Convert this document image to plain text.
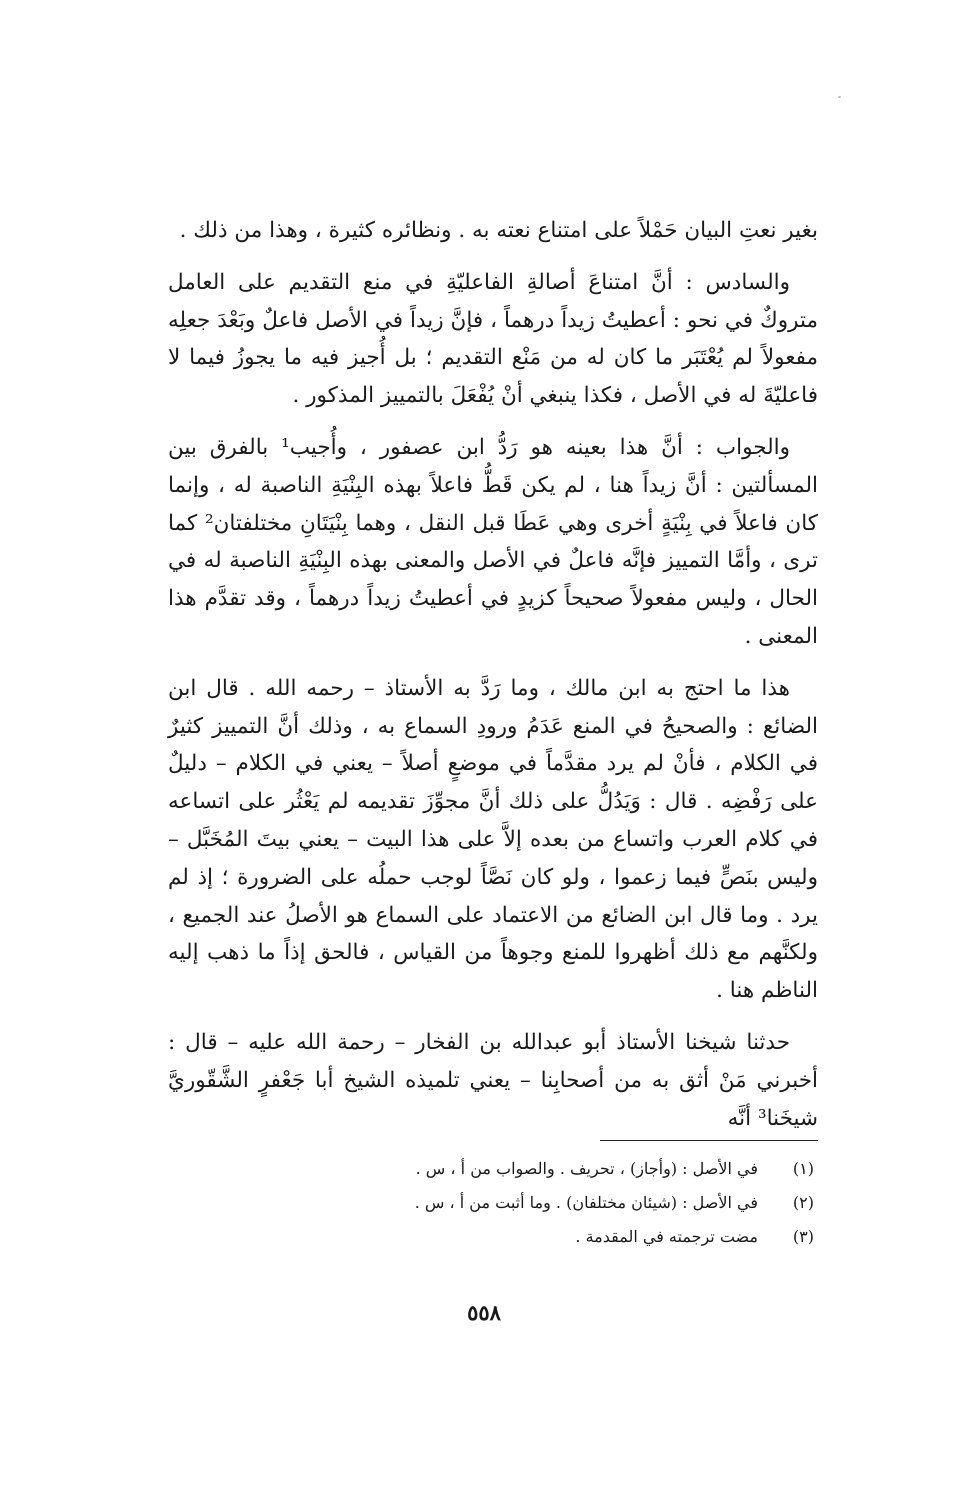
بغير نعتِ البيان حَمْلاً على امتناع نعته به . ونظائره كثيرة ، وهذا من ذلك .

والسادس : أنَّ امتناعَ أصالةِ الفاعليّةِ في منع التقديم على العامل متروكٌ في نحو : أعطيتُ زيداً درهماً ، فإنَّ زيداً في الأصل فاعلٌ وبَعْدَ جعلِه مفعولاً لم يُعْتَبَر ما كان له من مَنْع التقديم ؛ بل أُجيز فيه ما يجوزُ فيما لا فاعليّةَ له في الأصل ، فكذا ينبغي أنْ يُفْعَلَ بالتمييز المذكور .

والجواب : أنَّ هذا بعينه هو رَدُّ ابن عصفور ، وأُجيب¹ بالفرق بين المسألتين : أنَّ زيداً هنا ، لم يكن قَطُّ فاعلاً بهذه البِنْيَةِ الناصبة له ، وإنما كان فاعلاً في بِنْيَةٍ أخرى وهي عَطَا قبل النقل ، وهما بِنْيَتَانِ مختلفتان² كما ترى ، وأمَّا التمييز فإنَّه فاعلٌ في الأصل والمعنى بهذه البِنْيَةِ الناصبة له في الحال ، وليس مفعولاً صحيحاً كزيدٍ في أعطيتُ زيداً درهماً ، وقد تقدَّم هذا المعنى .

هذا ما احتج به ابن مالك ، وما رَدَّ به الأستاذ – رحمه الله . قال ابن الضائع : والصحيحُ في المنع عَدَمُ ورودِ السماع به ، وذلك أنَّ التمييز كثيرٌ في الكلام ، فأنْ لم يرد مقدَّماً في موضعٍ أصلاً – يعني في الكلام – دليلٌ على رَفْضِه . قال : وَيَدُلُّ على ذلك أنَّ مجوِّزَ تقديمه لم يَعْثُر على اتساعه في كلام العرب واتساع من بعده إلاَّ على هذا البيت – يعني بيتَ المُخَبَّل – وليس بنَصٍّ فيما زعموا ، ولو كان نَصَّاً لوجب حملُه على الضرورة ؛ إذ لم يرد . وما قال ابن الضائع من الاعتماد على السماع هو الأصلُ عند الجميع ، ولكنَّهم مع ذلك أظهروا للمنع وجوهاً من القياس ، فالحق إذاً ما ذهب إليه الناظم هنا .

حدثنا شيخنا الأستاذ أبو عبدالله بن الفخار – رحمة الله عليه – قال : أخبرني مَنْ أثق به من أصحابِنا – يعني تلميذه الشيخ أبا جَعْفرٍ الشَّقّوريَّ شيخَنا³ أنَّه

(١)
في الأصل : (وأجاز) ، تحريف . والصواب من أ ، س .
(٢)
في الأصل : (شيئان مختلفان) . وما أثبت من أ ، س .
(٣)
مضت ترجمته في المقدمة .
٥٥٨
